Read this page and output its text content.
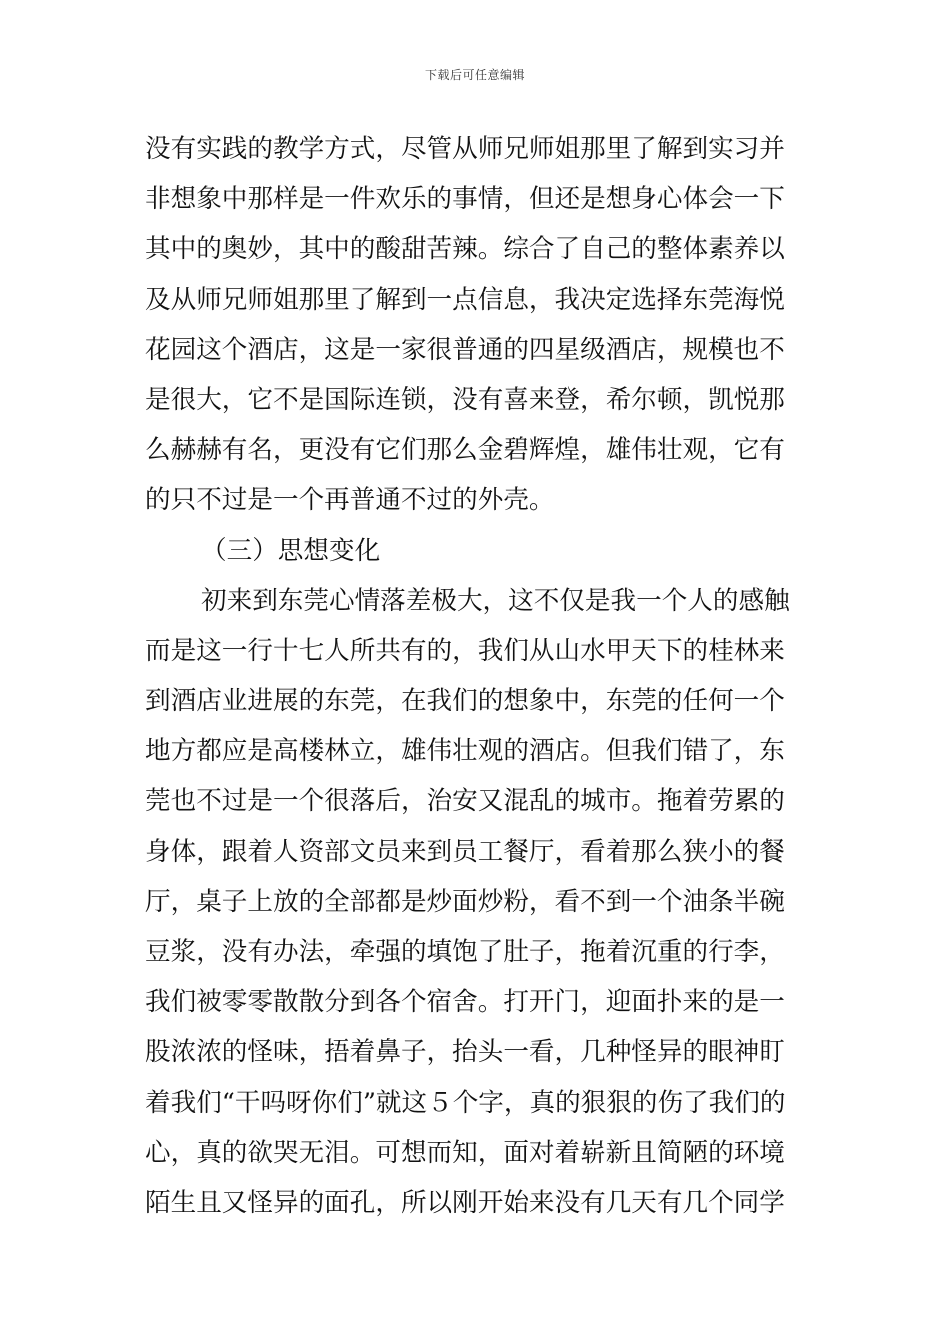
下载后可任意编辑
没有实践的教学方式，尽管从师兄师姐那里了解到实习并
非想象中那样是一件欢乐的事情，但还是想身心体会一下
其中的奥妙，其中的酸甜苦辣。综合了自己的整体素养以
及从师兄师姐那里了解到一点信息，我决定选择东莞海悦
花园这个酒店，这是一家很普通的四星级酒店，规模也不
是很大，它不是国际连锁，没有喜来登，希尔顿，凯悦那
么赫赫有名，更没有它们那么金碧辉煌，雄伟壮观，它有
的只不过是一个再普通不过的外壳。
（三）思想变化
初来到东莞心情落差极大，这不仅是我一个人的感触
而是这一行十七人所共有的，我们从山水甲天下的桂林来
到酒店业进展的东莞，在我们的想象中，东莞的任何一个
地方都应是高楼林立，雄伟壮观的酒店。但我们错了，东
莞也不过是一个很落后，治安又混乱的城市。拖着劳累的
身体，跟着人资部文员来到员工餐厅，看着那么狭小的餐
厅，桌子上放的全部都是炒面炒粉，看不到一个油条半碗
豆浆，没有办法，牵强的填饱了肚子，拖着沉重的行李，
我们被零零散散分到各个宿舍。打开门，迎面扑来的是一
股浓浓的怪味，捂着鼻子，抬头一看，几种怪异的眼神盯
着我们“干吗呀你们”就这５个字，真的狠狠的伤了我们的
心，真的欲哭无泪。可想而知，面对着崭新且简陋的环境
陌生且又怪异的面孔，所以刚开始来没有几天有几个同学
